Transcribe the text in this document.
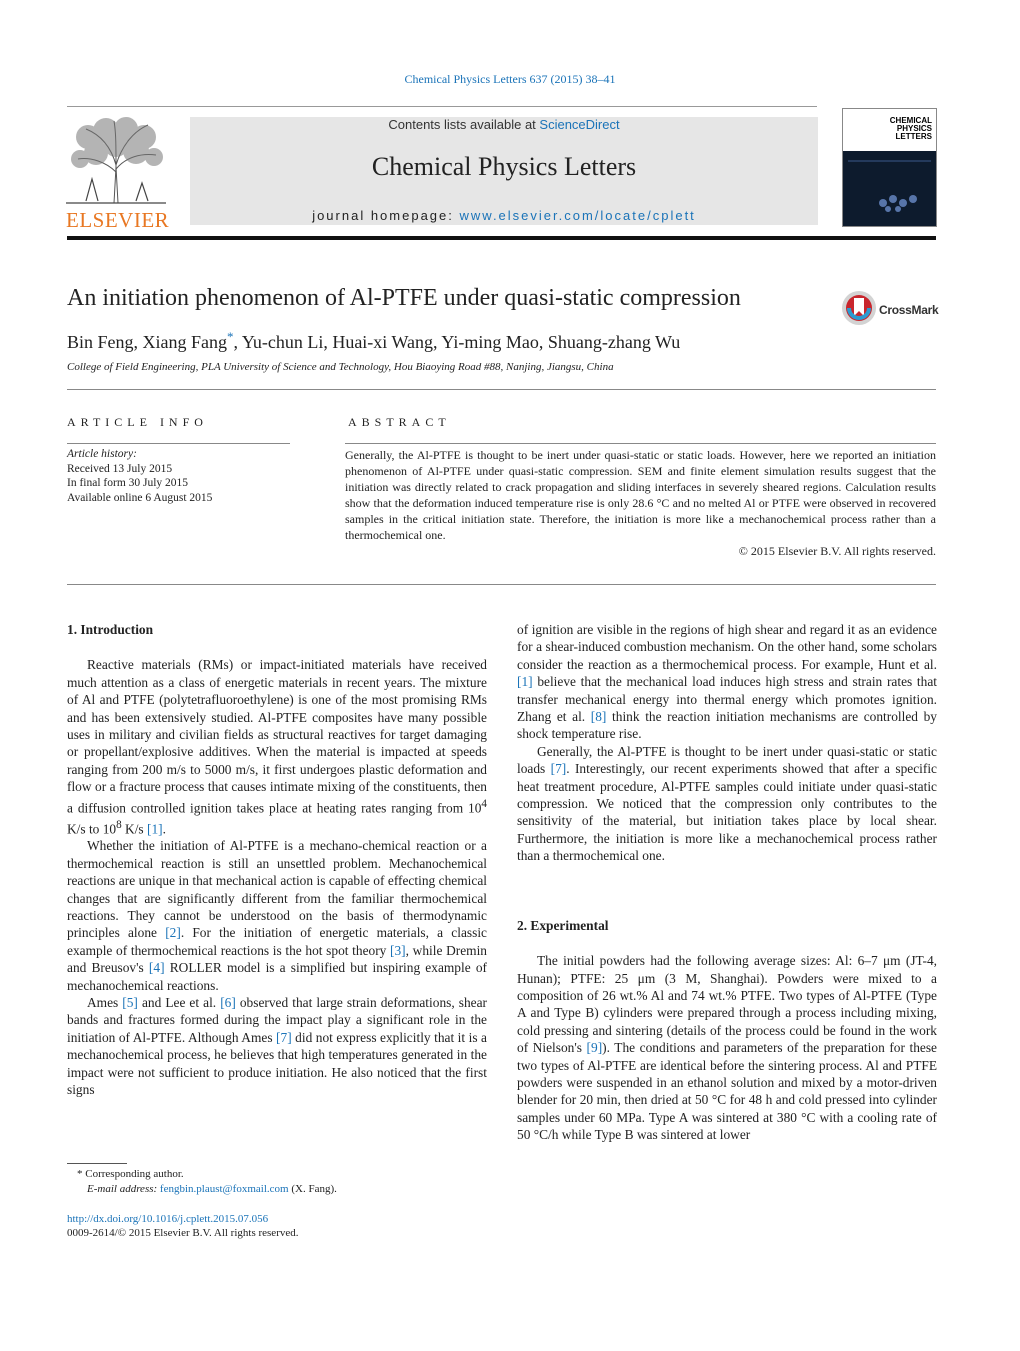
Chemical Physics Letters 637 (2015) 38–41
ELSEVIER
Contents lists available at ScienceDirect
Chemical Physics Letters
journal homepage: www.elsevier.com/locate/cplett
CHEMICAL
PHYSICS
LETTERS
An initiation phenomenon of Al-PTFE under quasi-static compression	CrossMark
Bin Feng, Xiang Fang*, Yu-chun Li, Huai-xi Wang, Yi-ming Mao, Shuang-zhang Wu
College of Field Engineering, PLA University of Science and Technology, Hou Biaoying Road #88, Nanjing, Jiangsu, China
ARTICLE INFO
Article history:
Received 13 July 2015
In final form 30 July 2015
Available online 6 August 2015
ABSTRACT
Generally, the Al-PTFE is thought to be inert under quasi-static or static loads. However, here we reported an initiation phenomenon of Al-PTFE under quasi-static compression. SEM and finite element simulation results suggest that the initiation was directly related to crack propagation and sliding interfaces in severely sheared regions. Calculation results show that the deformation induced temperature rise is only 28.6 °C and no melted Al or PTFE were observed in recovered samples in the critical initiation state. Therefore, the initiation is more like a mechanochemical process rather than a thermochemical one.
© 2015 Elsevier B.V. All rights reserved.
1. Introduction

Reactive materials (RMs) or impact-initiated materials have received much attention as a class of energetic materials in recent years. The mixture of Al and PTFE (polytetrafluoroethylene) is one of the most promising RMs and has been extensively studied. Al-PTFE composites have many possible uses in military and civilian fields as structural reactives for target damaging or propellant/explosive additives. When the material is impacted at speeds ranging from 200 m/s to 5000 m/s, it first undergoes plastic deformation and flow or a fracture process that causes intimate mixing of the constituents, then a diffusion controlled ignition takes place at heating rates ranging from $10^4$ K/s to $10^8$ K/s [1].

Whether the initiation of Al-PTFE is a mechano-chemical reaction or a thermochemical reaction is still an unsettled problem. Mechanochemical reactions are unique in that mechanical action is capable of effecting chemical changes that are significantly different from the familiar thermochemical reactions. They cannot be understood on the basis of thermodynamic principles alone [2]. For the initiation of energetic materials, a classic example of thermochemical reactions is the hot spot theory [3], while Dremin and Breusov's [4] ROLLER model is a simplified but inspiring example of mechanochemical reactions.

Ames [5] and Lee et al. [6] observed that large strain deformations, shear bands and fractures formed during the impact play a significant role in the initiation of Al-PTFE. Although Ames [7] did not express explicitly that it is a mechanochemical process, he believes that high temperatures generated in the impact were not sufficient to produce initiation. He also noticed that the first signs

of ignition are visible in the regions of high shear and regard it as an evidence for a shear-induced combustion mechanism. On the other hand, some scholars consider the reaction as a thermochemical process. For example, Hunt et al. [1] believe that the mechanical load induces high stress and strain rates that transfer mechanical energy into thermal energy which promotes ignition. Zhang et al. [8] think the reaction initiation mechanisms are controlled by shock temperature rise.

Generally, the Al-PTFE is thought to be inert under quasi-static or static loads [7]. Interestingly, our recent experiments showed that after a specific heat treatment procedure, Al-PTFE samples could initiate under quasi-static compression. We noticed that the compression only contributes to the sensitivity of the material, but initiation takes place by local shear. Furthermore, the initiation is more like a mechanochemical process rather than a thermochemical one.

2. Experimental

The initial powders had the following average sizes: Al: 6–7 μm (JT-4, Hunan); PTFE: 25 μm (3 M, Shanghai). Powders were mixed to a composition of 26 wt.% Al and 74 wt.% PTFE. Two types of Al-PTFE (Type A and Type B) cylinders were prepared through a process including mixing, cold pressing and sintering (details of the process could be found in the work of Nielson's [9]). The conditions and parameters of the preparation for these two types of Al-PTFE are identical before the sintering process. Al and PTFE powders were suspended in an ethanol solution and mixed by a motor-driven blender for 20 min, then dried at 50 °C for 48 h and cold pressed into cylinder samples under 60 MPa. Type A was sintered at 380 °C with a cooling rate of 50 °C/h while Type B was sintered at lower

* Corresponding author.
E-mail address: fengbin.plaust@foxmail.com (X. Fang).
http://dx.doi.org/10.1016/j.cplett.2015.07.056
0009-2614/© 2015 Elsevier B.V. All rights reserved.
